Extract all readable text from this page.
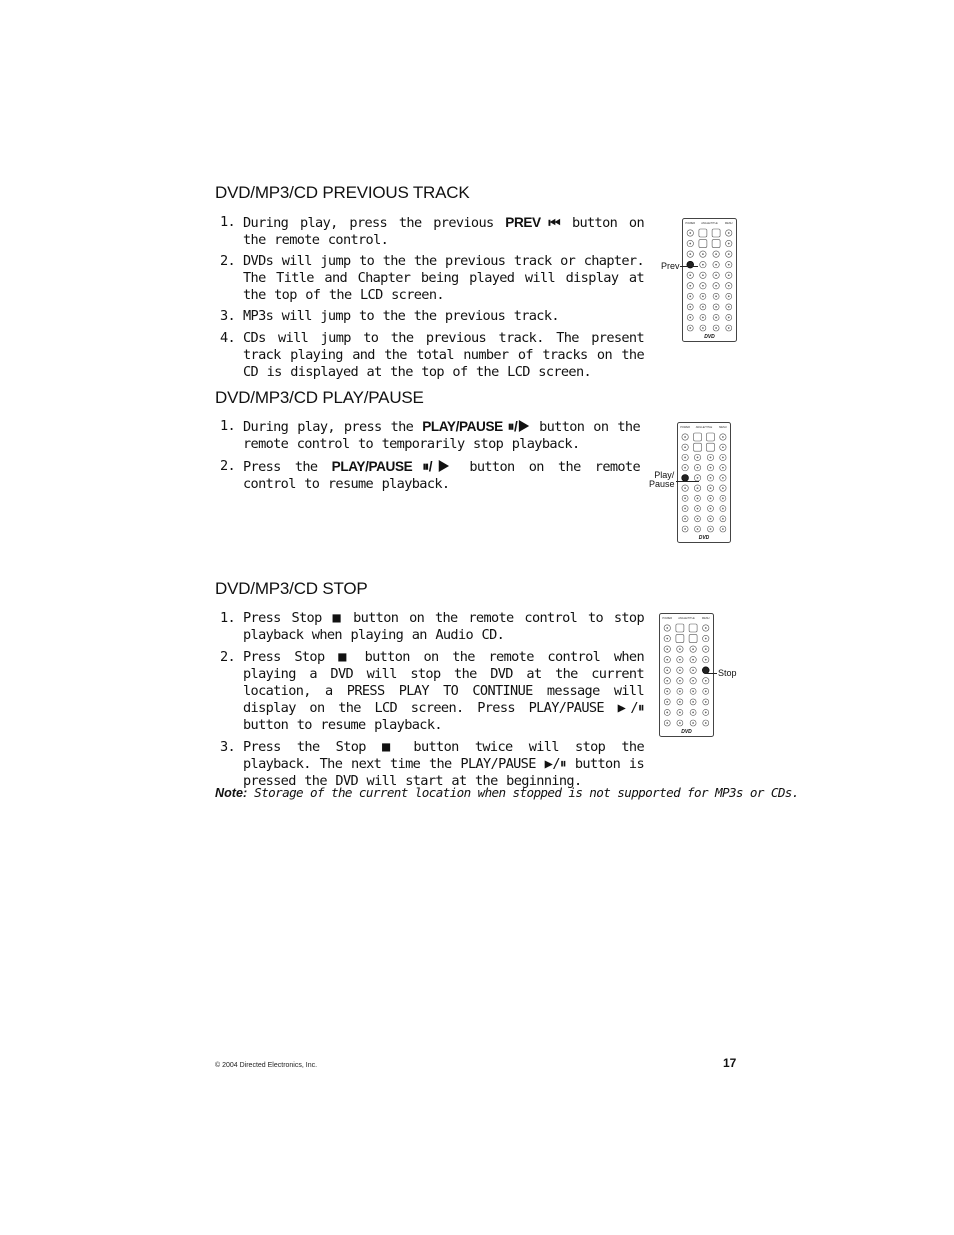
DVD/MP3/CD PREVIOUS TRACK
1. During play, press the previous PREV ⏮ button on the remote control.
2. DVDs will jump to the the previous track or chapter. The Title and Chapter being played will display at the top of the LCD screen.
3. MP3s will jump to the the previous track.
4. CDs will jump to the previous track. The present track playing and the total number of tracks on the CD is displayed at the top of the LCD screen.
POWER ANGLE/TITLE	MENU
DVD
Prev
DVD/MP3/CD PLAY/PAUSE
1. During play, press the PLAY/PAUSE ⏸/▶ button on the remote control to temporarily stop playback.
2. Press the PLAY/PAUSE ⏸/▶ button on the remote control to resume playback.
POWER ANGLE/TITLE	MENU
DVD
Play/
Pause
DVD/MP3/CD STOP
1. Press Stop ■ button on the remote control to stop playback when playing an Audio CD.
2. Press Stop ■ button on the remote control when playing a DVD will stop the DVD at the current location, a PRESS PLAY TO CONTINUE message will display on the LCD screen. Press PLAY/PAUSE ▶/⏸ button to resume playback.
3. Press the Stop ■ button twice will stop the playback. The next time the PLAY/PAUSE ▶/⏸ button is pressed the DVD will start at the beginning.
POWER ANGLE/TITLE	MENU
DVD
Stop

Note: Storage of the current location when stopped is not supported for MP3s or CDs.

© 2004 Directed Electronics, Inc.	17
